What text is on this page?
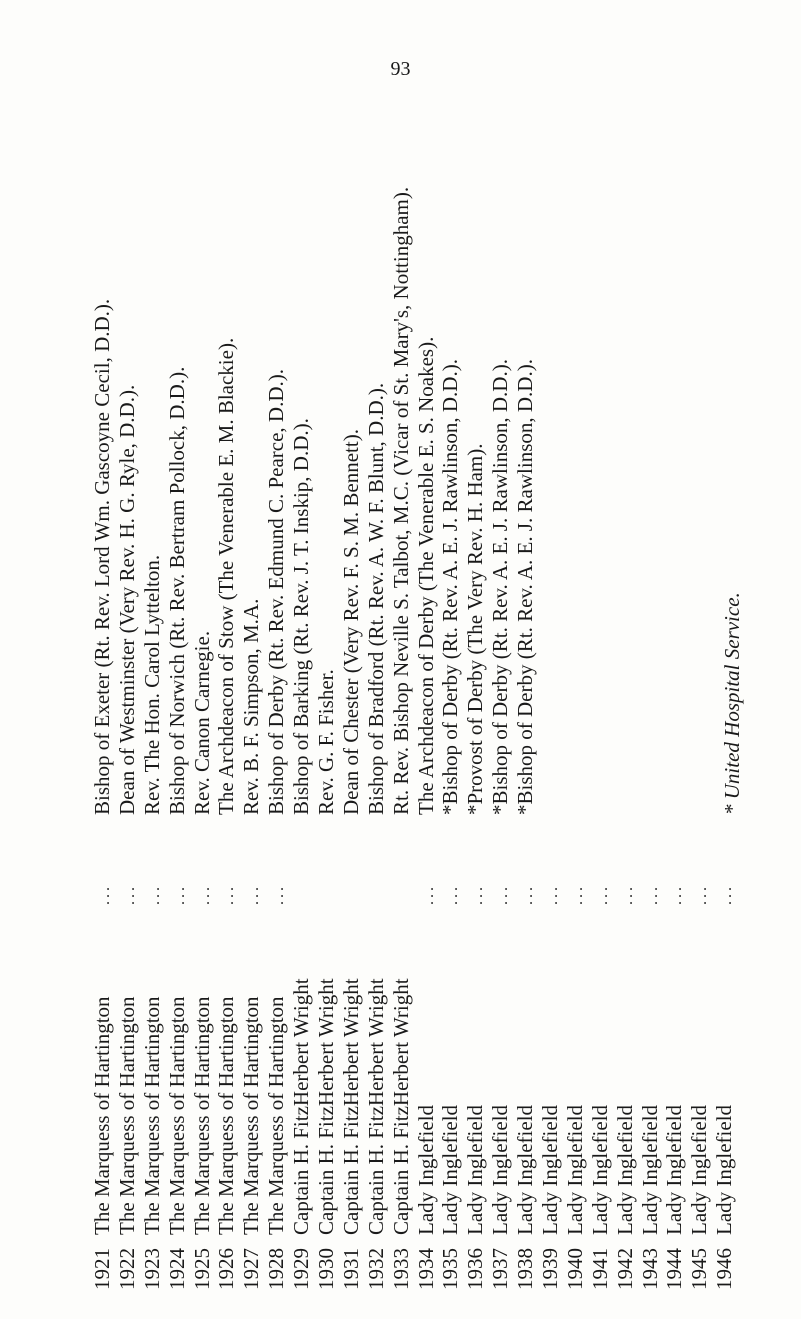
93
1921
The Marquess of Hartington
...
Bishop of Exeter (Rt. Rev. Lord Wm. Gascoyne Cecil, D.D.).
1922
The Marquess of Hartington
...
Dean of Westminster (Very Rev. H. G. Ryle, D.D.).
1923
The Marquess of Hartington
...
Rev. The Hon. Carol Lyttelton.
1924
The Marquess of Hartington
...
Bishop of Norwich (Rt. Rev. Bertram Pollock, D.D.).
1925
The Marquess of Hartington
...
Rev. Canon Carnegie.
1926
The Marquess of Hartington
...
The Archdeacon of Stow (The Venerable E. M. Blackie).
1927
The Marquess of Hartington
...
Rev. B. F. Simpson, M.A.
1928
The Marquess of Hartington
...
Bishop of Derby (Rt. Rev. Edmund C. Pearce, D.D.).
1929
Captain H. FitzHerbert Wright
Bishop of Barking (Rt. Rev. J. T. Inskip, D.D.).
1930
Captain H. FitzHerbert Wright
Rev. G. F. Fisher.
1931
Captain H. FitzHerbert Wright
Dean of Chester (Very Rev. F. S. M. Bennett).
1932
Captain H. FitzHerbert Wright
Bishop of Bradford (Rt. Rev. A. W. F. Blunt, D.D.).
1933
Captain H. FitzHerbert Wright
Rt. Rev. Bishop Neville S. Talbot, M.C. (Vicar of St. Mary's, Nottingham).
1934
Lady Inglefield
...
The Archdeacon of Derby (The Venerable E. S. Noakes).
1935
Lady Inglefield
...
*Bishop of Derby (Rt. Rev. A. E. J. Rawlinson, D.D.).
1936
Lady Inglefield
...
*Provost of Derby (The Very Rev. H. Ham).
1937
Lady Inglefield
...
*Bishop of Derby (Rt. Rev. A. E. J. Rawlinson, D.D.).
1938
Lady Inglefield
...
*Bishop of Derby (Rt. Rev. A. E. J. Rawlinson, D.D.).
1939
Lady Inglefield
...
1940
Lady Inglefield
...
1941
Lady Inglefield
...
1942
Lady Inglefield
...
1943
Lady Inglefield
...
1944
Lady Inglefield
...
1945
Lady Inglefield
...
1946
Lady Inglefield
...
* United Hospital Service.
